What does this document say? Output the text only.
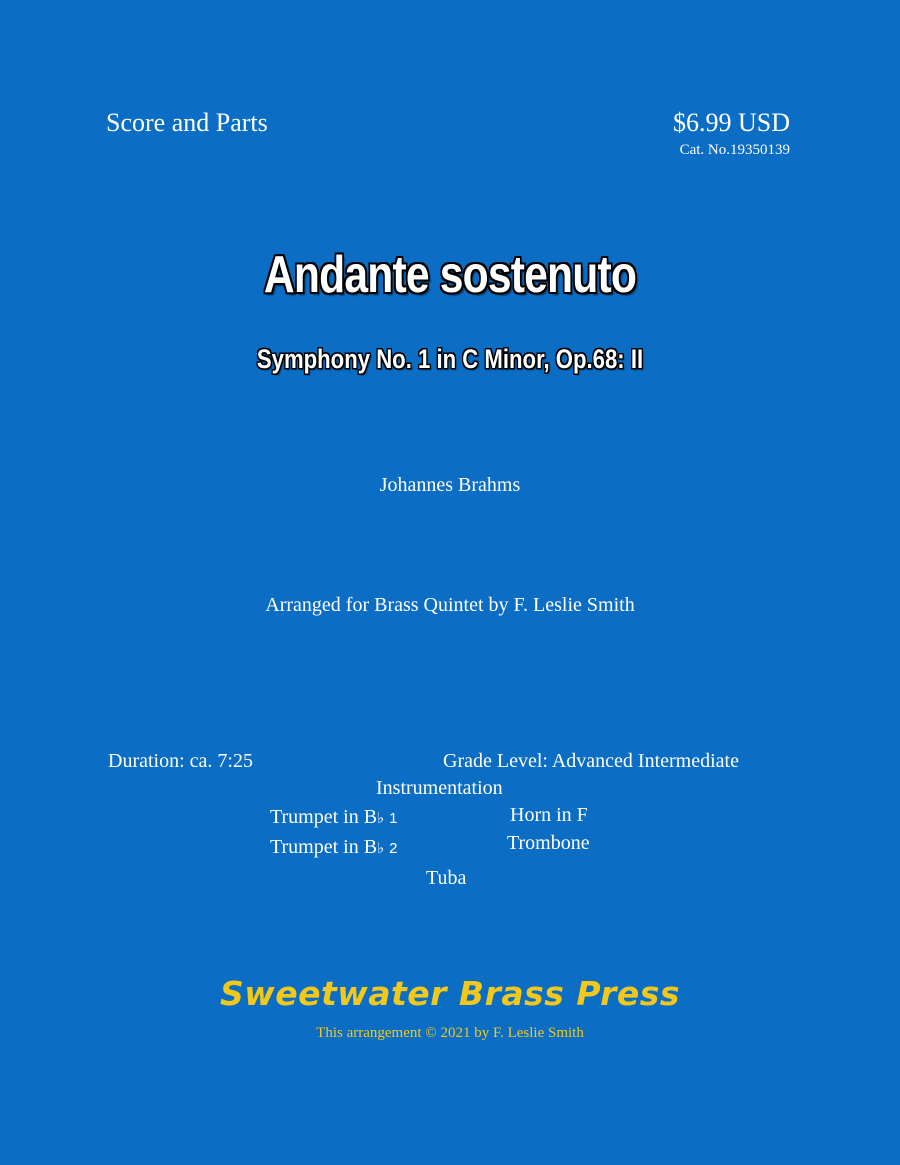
Score and Parts	$6.99 USD
Cat. No.19350139
Andante sostenuto
Symphony No. 1 in C Minor, Op.68: II
Johannes Brahms
Arranged for Brass Quintet by F. Leslie Smith
Duration: ca. 7:25	Grade Level: Advanced Intermediate
Instrumentation
Trumpet in B♭ 1
Trumpet in B♭ 2
Horn in F
Trombone
Tuba
Sweetwater Brass Press
This arrangement © 2021 by F. Leslie Smith
